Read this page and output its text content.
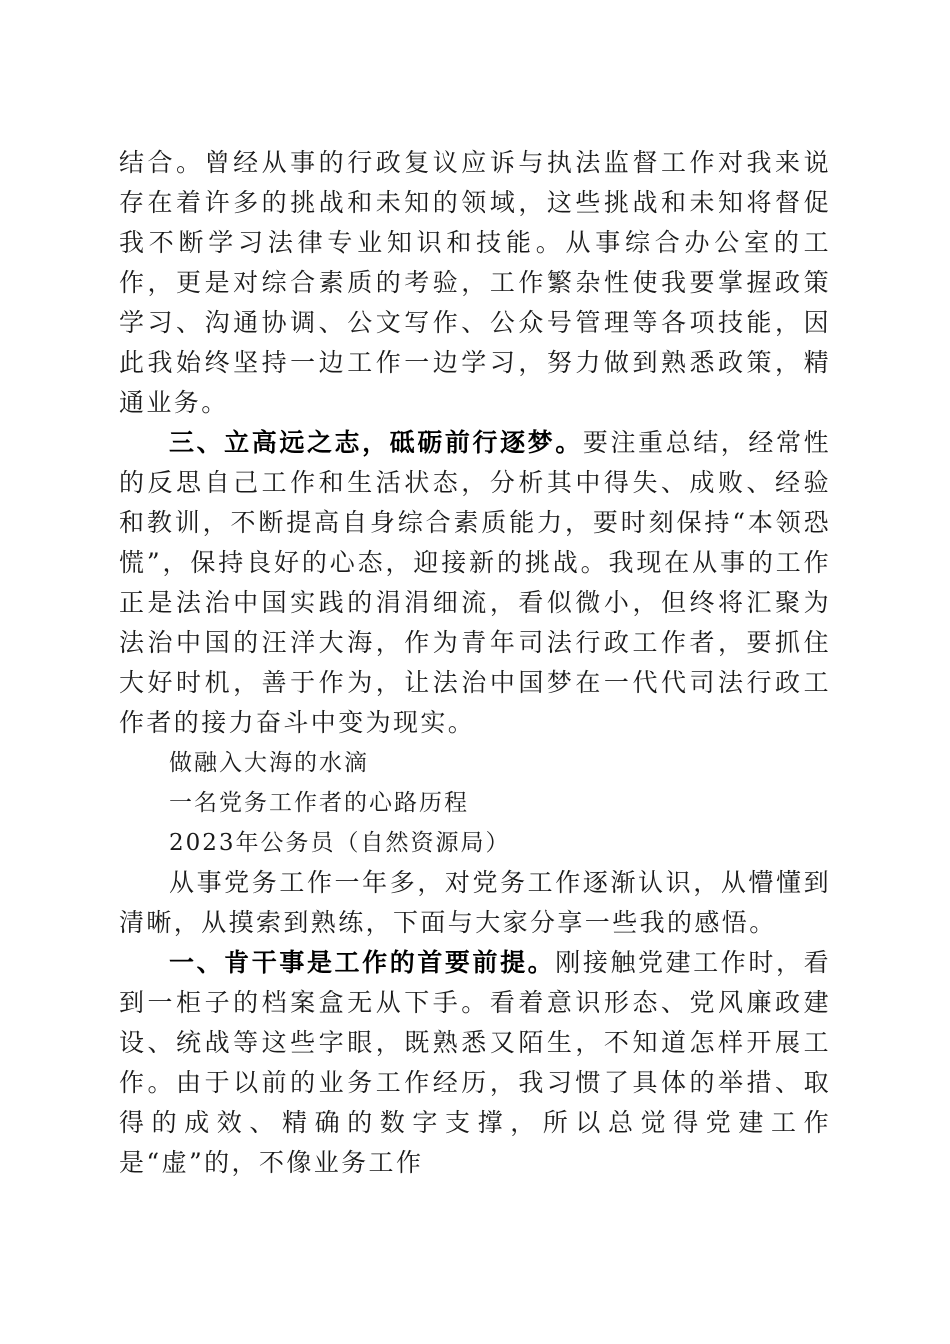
结合。曾经从事的行政复议应诉与执法监督工作对我来说存在着许多的挑战和未知的领域，这些挑战和未知将督促我不断学习法律专业知识和技能。从事综合办公室的工作，更是对综合素质的考验，工作繁杂性使我要掌握政策学习、沟通协调、公文写作、公众号管理等各项技能，因此我始终坚持一边工作一边学习，努力做到熟悉政策，精通业务。

三、立高远之志，砥砺前行逐梦。要注重总结，经常性的反思自己工作和生活状态，分析其中得失、成败、经验和教训，不断提高自身综合素质能力，要时刻保持“本领恐慌”，保持良好的心态，迎接新的挑战。我现在从事的工作正是法治中国实践的涓涓细流，看似微小，但终将汇聚为法治中国的汪洋大海，作为青年司法行政工作者，要抓住大好时机，善于作为，让法治中国梦在一代代司法行政工作者的接力奋斗中变为现实。

做融入大海的水滴

一名党务工作者的心路历程

2023年公务员（自然资源局）

从事党务工作一年多，对党务工作逐渐认识，从懵懂到清晰，从摸索到熟练，下面与大家分享一些我的感悟。

一、肯干事是工作的首要前提。刚接触党建工作时，看到一柜子的档案盒无从下手。看着意识形态、党风廉政建设、统战等这些字眼，既熟悉又陌生，不知道怎样开展工作。由于以前的业务工作经历，我习惯了具体的举措、取得的成效、精确的数字支撑，所以总觉得党建工作是“虚”的，不像业务工作
